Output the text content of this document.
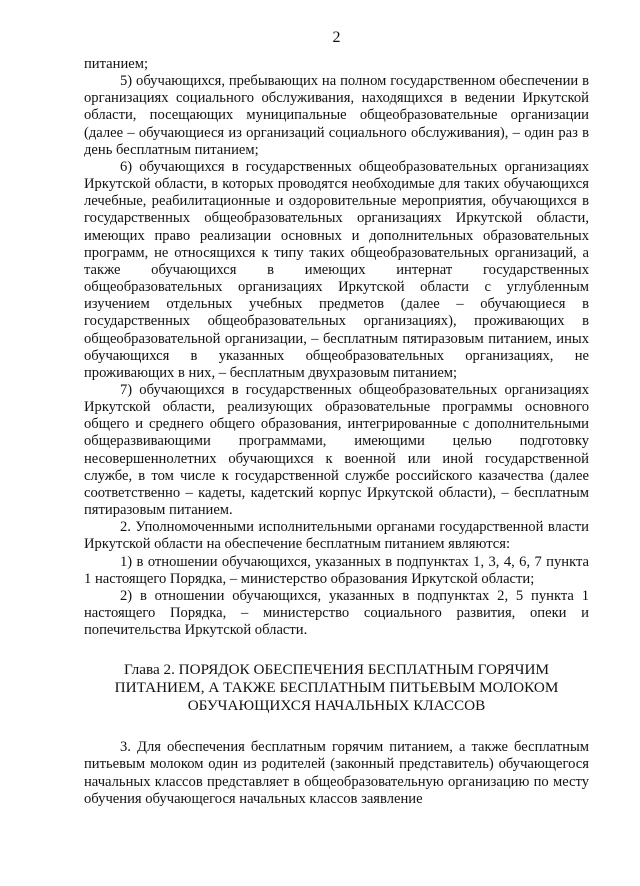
2

питанием;

5) обучающихся, пребывающих на полном государственном обеспечении в организациях социального обслуживания, находящихся в ведении Иркутской области, посещающих муниципальные общеобразовательные организации (далее – обучающиеся из организаций социального обслуживания), – один раз в день бесплатным питанием;

6) обучающихся в государственных общеобразовательных организациях Иркутской области, в которых проводятся необходимые для таких обучающихся лечебные, реабилитационные и оздоровительные мероприятия, обучающихся в государственных общеобразовательных организациях Иркутской области, имеющих право реализации основных и дополнительных образовательных программ, не относящихся к типу таких общеобразовательных организаций, а также обучающихся в имеющих интернат государственных общеобразовательных организациях Иркутской области с углубленным изучением отдельных учебных предметов (далее – обучающиеся в государственных общеобразовательных организациях), проживающих в общеобразовательной организации, – бесплатным пятиразовым питанием, иных обучающихся в указанных общеобразовательных организациях, не проживающих в них, – бесплатным двухразовым питанием;

7) обучающихся в государственных общеобразовательных организациях Иркутской области, реализующих образовательные программы основного общего и среднего общего образования, интегрированные с дополнительными общеразвивающими программами, имеющими целью подготовку несовершеннолетних обучающихся к военной или иной государственной службе, в том числе к государственной службе российского казачества (далее соответственно – кадеты, кадетский корпус Иркутской области), – бесплатным пятиразовым питанием.

2. Уполномоченными исполнительными органами государственной власти Иркутской области на обеспечение бесплатным питанием являются:

1) в отношении обучающихся, указанных в подпунктах 1, 3, 4, 6, 7 пункта 1 настоящего Порядка, – министерство образования Иркутской области;

2) в отношении обучающихся, указанных в подпунктах 2, 5 пункта 1 настоящего Порядка, – министерство социального развития, опеки и попечительства Иркутской области.

Глава 2. ПОРЯДОК ОБЕСПЕЧЕНИЯ БЕСПЛАТНЫМ ГОРЯЧИМ ПИТАНИЕМ, А ТАКЖЕ БЕСПЛАТНЫМ ПИТЬЕВЫМ МОЛОКОМ ОБУЧАЮЩИХСЯ НАЧАЛЬНЫХ КЛАССОВ

3. Для обеспечения бесплатным горячим питанием, а также бесплатным питьевым молоком один из родителей (законный представитель) обучающегося начальных классов представляет в общеобразовательную организацию по месту обучения обучающегося начальных классов заявление
